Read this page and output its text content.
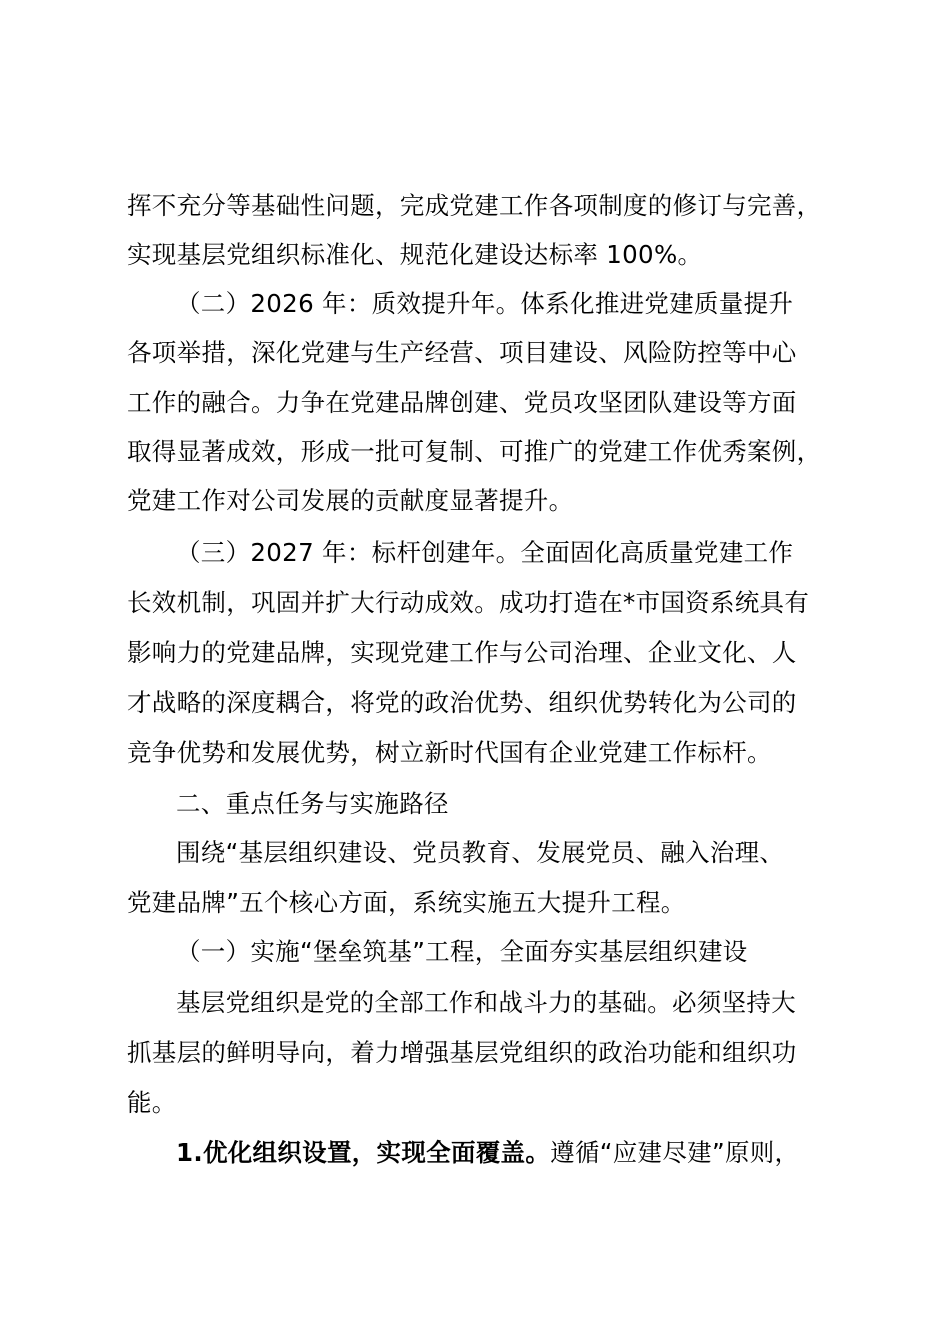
挥不充分等基础性问题，完成党建工作各项制度的修订与完善，
实现基层党组织标准化、规范化建设达标率 100%。
（二）2026 年：质效提升年。体系化推进党建质量提升
各项举措，深化党建与生产经营、项目建设、风险防控等中心
工作的融合。力争在党建品牌创建、党员攻坚团队建设等方面
取得显著成效，形成一批可复制、可推广的党建工作优秀案例，
党建工作对公司发展的贡献度显著提升。
（三）2027 年：标杆创建年。全面固化高质量党建工作
长效机制，巩固并扩大行动成效。成功打造在*市国资系统具有
影响力的党建品牌，实现党建工作与公司治理、企业文化、人
才战略的深度耦合，将党的政治优势、组织优势转化为公司的
竞争优势和发展优势，树立新时代国有企业党建工作标杆。
二、重点任务与实施路径
围绕“基层组织建设、党员教育、发展党员、融入治理、
党建品牌”五个核心方面，系统实施五大提升工程。
（一）实施“堡垒筑基”工程，全面夯实基层组织建设
基层党组织是党的全部工作和战斗力的基础。必须坚持大
抓基层的鲜明导向，着力增强基层党组织的政治功能和组织功
能。
1.优化组织设置，实现全面覆盖。遵循“应建尽建”原则，
